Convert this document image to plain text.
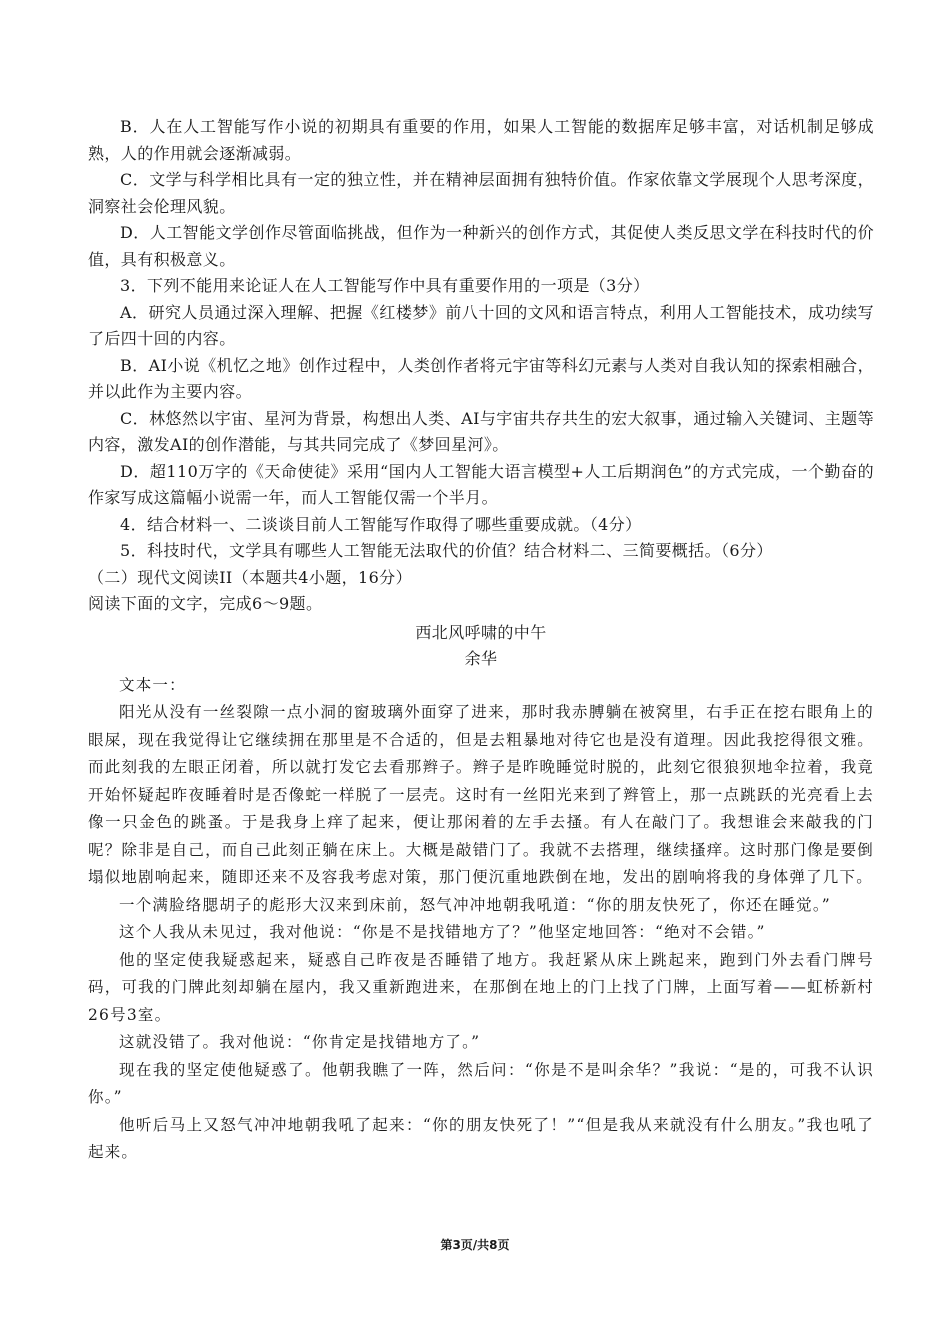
B．人在人工智能写作小说的初期具有重要的作用，如果人工智能的数据库足够丰富，对话机制足够成熟，人的作用就会逐渐减弱。

C．文学与科学相比具有一定的独立性，并在精神层面拥有独特价值。作家依靠文学展现个人思考深度，洞察社会伦理风貌。

D．人工智能文学创作尽管面临挑战，但作为一种新兴的创作方式，其促使人类反思文学在科技时代的价值，具有积极意义。

3．下列不能用来论证人在人工智能写作中具有重要作用的一项是（3分）

A．研究人员通过深入理解、把握《红楼梦》前八十回的文风和语言特点，利用人工智能技术，成功续写了后四十回的内容。

B．AI小说《机忆之地》创作过程中，人类创作者将元宇宙等科幻元素与人类对自我认知的探索相融合，并以此作为主要内容。

C．林悠然以宇宙、星河为背景，构想出人类、AI与宇宙共存共生的宏大叙事，通过输入关键词、主题等内容，激发AI的创作潜能，与其共同完成了《梦回星河》。

D．超110万字的《天命使徒》采用“国内人工智能大语言模型+人工后期润色”的方式完成，一个勤奋的作家写成这篇幅小说需一年，而人工智能仅需一个半月。

4．结合材料一、二谈谈目前人工智能写作取得了哪些重要成就。（4分）

5．科技时代，文学具有哪些人工智能无法取代的价值？结合材料二、三简要概括。（6分）

（二）现代文阅读II（本题共4小题，16分）

阅读下面的文字，完成6～9题。

西北风呼啸的中午

余华

文本一：

阳光从没有一丝裂隙一点小洞的窗玻璃外面穿了进来，那时我赤膊躺在被窝里，右手正在挖右眼角上的眼屎，现在我觉得让它继续拥在那里是不合适的，但是去粗暴地对待它也是没有道理。因此我挖得很文雅。而此刻我的左眼正闭着，所以就打发它去看那辫子。辫子是昨晚睡觉时脱的，此刻它很狼狈地伞拉着，我竟开始怀疑起昨夜睡着时是否像蛇一样脱了一层壳。这时有一丝阳光来到了辫管上，那一点跳跃的光亮看上去像一只金色的跳蚤。于是我身上痒了起来，便让那闲着的左手去搔。有人在敲门了。我想谁会来敲我的门呢？除非是自己，而自己此刻正躺在床上。大概是敲错门了。我就不去搭理，继续搔痒。这时那门像是要倒塌似地剧响起来，随即还来不及容我考虑对策，那门便沉重地跌倒在地，发出的剧响将我的身体弹了几下。

一个满脸络腮胡子的彪形大汉来到床前，怒气冲冲地朝我吼道：“你的朋友快死了，你还在睡觉。”

这个人我从未见过，我对他说：“你是不是找错地方了？”他坚定地回答：“绝对不会错。”

他的坚定使我疑惑起来，疑惑自己昨夜是否睡错了地方。我赶紧从床上跳起来，跑到门外去看门牌号码，可我的门牌此刻却躺在屋内，我又重新跑进来，在那倒在地上的门上找了门牌，上面写着——虹桥新村26号3室。

这就没错了。我对他说：“你肯定是找错地方了。”

现在我的坚定使他疑惑了。他朝我瞧了一阵，然后问：“你是不是叫余华？”我说：“是的，可我不认识你。”

他听后马上又怒气冲冲地朝我吼了起来：“你的朋友快死了！”“但是我从来就没有什么朋友。”我也吼了起来。

第3页/共8页
